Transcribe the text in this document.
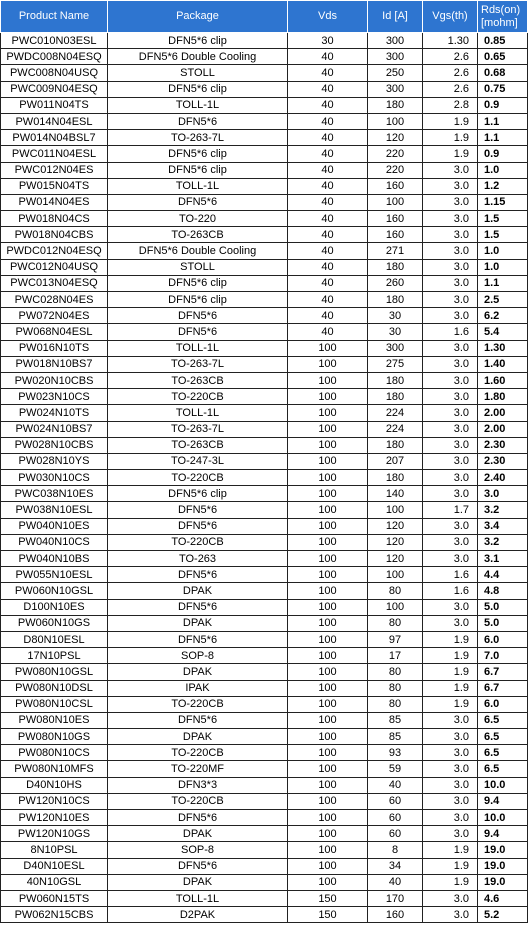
Product Name	Package	Vds	Id [A]	Vgs(th)	Rds(on)
[mohm]
PWC010N03ESL	DFN5*6 clip	30	300	1.30	0.85
PWDC008N04ESQ	DFN5*6 Double Cooling	40	300	2.6	0.65
PWC008N04USQ	STOLL	40	250	2.6	0.68
PWC009N04ESQ	DFN5*6 clip	40	300	2.6	0.75
PW011N04TS	TOLL-1L	40	180	2.8	0.9
PW014N04ESL	DFN5*6	40	100	1.9	1.1
PW014N04BSL7	TO-263-7L	40	120	1.9	1.1
PWC011N04ESL	DFN5*6 clip	40	220	1.9	0.9
PWC012N04ES	DFN5*6 clip	40	220	3.0	1.0
PW015N04TS	TOLL-1L	40	160	3.0	1.2
PW014N04ES	DFN5*6	40	100	3.0	1.15
PW018N04CS	TO-220	40	160	3.0	1.5
PW018N04CBS	TO-263CB	40	160	3.0	1.5
PWDC012N04ESQ	DFN5*6 Double Cooling	40	271	3.0	1.0
PWC012N04USQ	STOLL	40	180	3.0	1.0
PWC013N04ESQ	DFN5*6 clip	40	260	3.0	1.1
PWC028N04ES	DFN5*6 clip	40	180	3.0	2.5
PW072N04ES	DFN5*6	40	30	3.0	6.2
PW068N04ESL	DFN5*6	40	30	1.6	5.4
PW016N10TS	TOLL-1L	100	300	3.0	1.30
PW018N10BS7	TO-263-7L	100	275	3.0	1.40
PW020N10CBS	TO-263CB	100	180	3.0	1.60
PW023N10CS	TO-220CB	100	180	3.0	1.80
PW024N10TS	TOLL-1L	100	224	3.0	2.00
PW024N10BS7	TO-263-7L	100	224	3.0	2.00
PW028N10CBS	TO-263CB	100	180	3.0	2.30
PW028N10YS	TO-247-3L	100	207	3.0	2.30
PW030N10CS	TO-220CB	100	180	3.0	2.40
PWC038N10ES	DFN5*6 clip	100	140	3.0	3.0
PW038N10ESL	DFN5*6	100	100	1.7	3.2
PW040N10ES	DFN5*6	100	120	3.0	3.4
PW040N10CS	TO-220CB	100	120	3.0	3.2
PW040N10BS	TO-263	100	120	3.0	3.1
PW055N10ESL	DFN5*6	100	100	1.6	4.4
PW060N10GSL	DPAK	100	80	1.6	4.8
D100N10ES	DFN5*6	100	100	3.0	5.0
PW060N10GS	DPAK	100	80	3.0	5.0
D80N10ESL	DFN5*6	100	97	1.9	6.0
17N10PSL	SOP-8	100	17	1.9	7.0
PW080N10GSL	DPAK	100	80	1.9	6.7
PW080N10DSL	IPAK	100	80	1.9	6.7
PW080N10CSL	TO-220CB	100	80	1.9	6.0
PW080N10ES	DFN5*6	100	85	3.0	6.5
PW080N10GS	DPAK	100	85	3.0	6.5
PW080N10CS	TO-220CB	100	93	3.0	6.5
PW080N10MFS	TO-220MF	100	59	3.0	6.5
D40N10HS	DFN3*3	100	40	3.0	10.0
PW120N10CS	TO-220CB	100	60	3.0	9.4
PW120N10ES	DFN5*6	100	60	3.0	10.0
PW120N10GS	DPAK	100	60	3.0	9.4
8N10PSL	SOP-8	100	8	1.9	19.0
D40N10ESL	DFN5*6	100	34	1.9	19.0
40N10GSL	DPAK	100	40	1.9	19.0
PW060N15TS	TOLL-1L	150	170	3.0	4.6
PW062N15CBS	D2PAK	150	160	3.0	5.2
